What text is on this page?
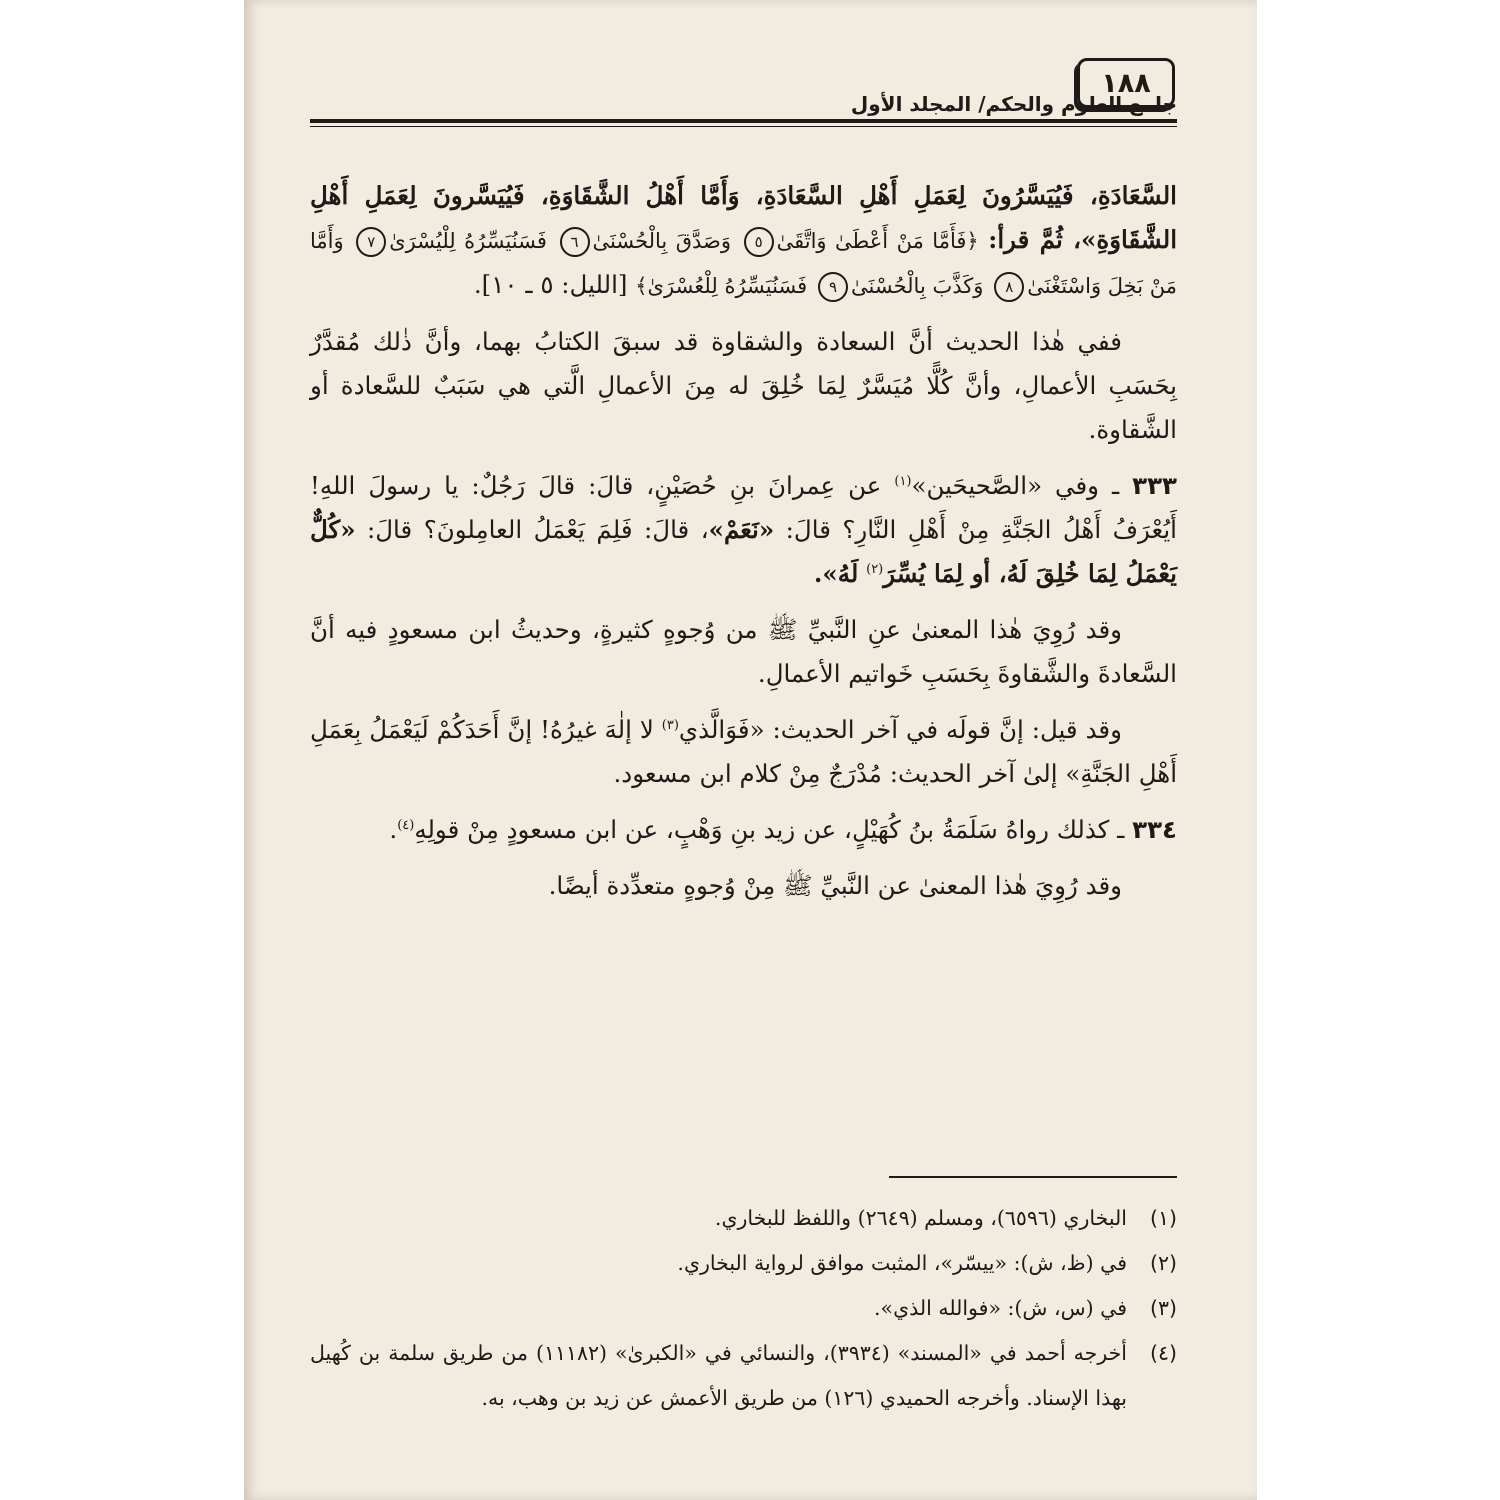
١٨٨
جامع العلوم والحكم/ المجلد الأول

السَّعَادَةِ، فَيُيَسَّرُونَ لِعَمَلِ أَهْلِ السَّعَادَةِ، وَأَمَّا أَهْلُ الشَّقَاوَةِ، فَيُيَسَّرونَ لِعَمَلِ أَهْلِ الشَّقَاوَةِ»، ثُمَّ قرأ: ﴿فَأَمَّا مَنْ أَعْطَىٰ وَاتَّقَىٰ٥ وَصَدَّقَ بِالْحُسْنَىٰ٦ فَسَنُيَسِّرُهُ لِلْيُسْرَىٰ٧ وَأَمَّا مَنْ بَخِلَ وَاسْتَغْنَىٰ٨ وَكَذَّبَ بِالْحُسْنَىٰ٩ فَسَنُيَسِّرُهُ لِلْعُسْرَىٰ﴾ [الليل: ٥ ـ ١٠].

ففي هٰذا الحديث أنَّ السعادة والشقاوة قد سبقَ الكتابُ بهما، وأنَّ ذٰلك مُقدَّرٌ بِحَسَبِ الأعمالِ، وأنَّ كُلًّا مُيَسَّرٌ لِمَا خُلِقَ له مِنَ الأعمالِ الَّتي هي سَبَبٌ للسَّعادة أو الشَّقاوة.

٣٣٣ ـ وفي «الصَّحيحَين»$^{(١)}$ عن عِمرانَ بنِ حُصَيْنٍ، قالَ: قالَ رَجُلٌ: يا رسولَ اللهِ! أَيُعْرَفُ أَهْلُ الجَنَّةِ مِنْ أَهْلِ النَّارِ؟ قالَ: «نَعَمْ»، قالَ: فَلِمَ يَعْمَلُ العامِلونَ؟ قالَ: «كُلٌّ يَعْمَلُ لِمَا خُلِقَ لَهُ، أو لِمَا يُسِّرَ$^{(٢)}$ لَهُ».

وقد رُوِيَ هٰذا المعنىٰ عنِ النَّبيِّ ﷺ من وُجوهٍ كثيرةٍ، وحديثُ ابن مسعودٍ فيه أنَّ السَّعادةَ والشَّقاوةَ بِحَسَبِ خَواتيم الأعمالِ.

وقد قيل: إنَّ قولَه في آخر الحديث: «فَوَالَّذي$^{(٣)}$ لا إلٰهَ غيرُهُ! إنَّ أَحَدَكُمْ لَيَعْمَلُ بِعَمَلِ أَهْلِ الجَنَّةِ» إلىٰ آخر الحديث: مُدْرَجٌ مِنْ كلام ابن مسعود.

٣٣٤ ـ كذلك رواهُ سَلَمَةُ بنُ كُهَيْلٍ، عن زيد بنِ وَهْبٍ، عن ابن مسعودٍ مِنْ قولِهِ$^{(٤)}$.

وقد رُوِيَ هٰذا المعنىٰ عن النَّبيِّ ﷺ مِنْ وُجوهٍ متعدِّدة أيضًا.

(١)
البخاري (٦٥٩٦)، ومسلم (٢٦٤٩) واللفظ للبخاري.
(٢)
في (ظ، ش): «ييسّر»، المثبت موافق لرواية البخاري.
(٣)
في (س، ش): «فوالله الذي».
(٤)
أخرجه أحمد في «المسند» (٣٩٣٤)، والنسائي في «الكبرىٰ» (١١١٨٢) من طريق سلمة بن كُهيل بهذا الإسناد. وأخرجه الحميدي (١٢٦) من طريق الأعمش عن زيد بن وهب، به.
